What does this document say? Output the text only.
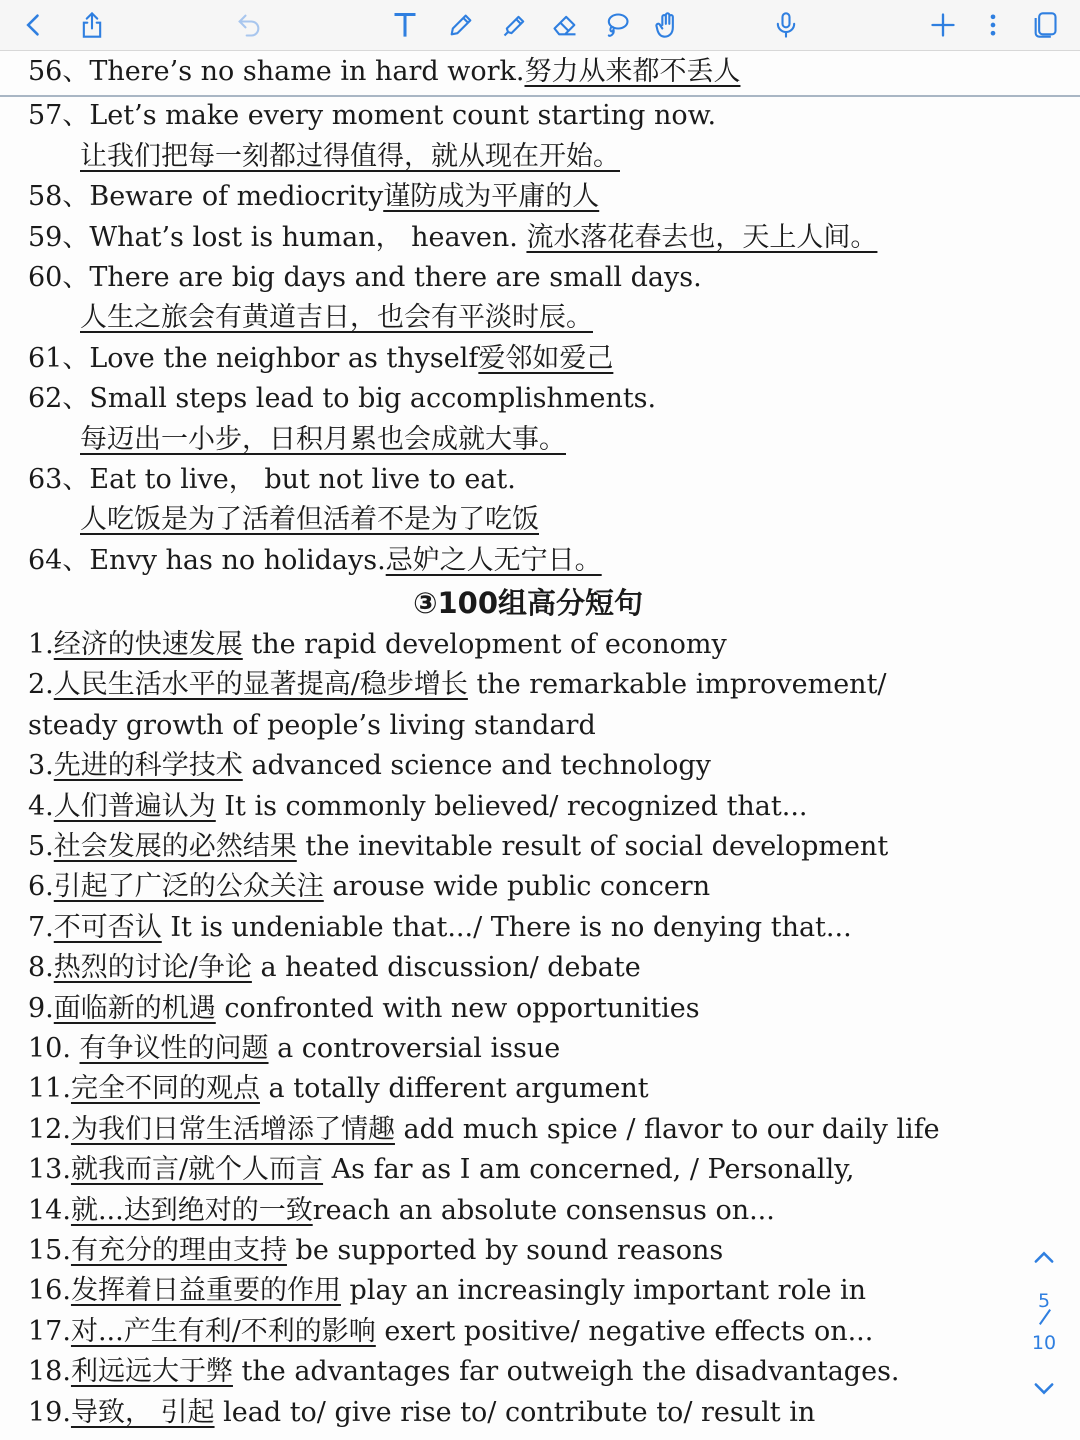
56、There’s no shame in hard work.努力从来都不丢人
57、Let’s make every moment count starting now.
让我们把每一刻都过得值得，就从现在开始。
58、Beware of mediocrity谨防成为平庸的人
59、What’s lost is human， heaven. 流水落花春去也，天上人间。
60、There are big days and there are small days.
人生之旅会有黄道吉日，也会有平淡时辰。
61、Love the neighbor as thyself爱邻如爱己
62、Small steps lead to big accomplishments.
每迈出一小步，日积月累也会成就大事。
63、Eat to live， but not live to eat.
人吃饭是为了活着但活着不是为了吃饭
64、Envy has no holidays.忌妒之人无宁日。
③100组高分短句
1.经济的快速发展 the rapid development of economy
2.人民生活水平的显著提高/稳步增长 the remarkable improvement/
steady growth of people’s living standard
3.先进的科学技术 advanced science and technology
4.人们普遍认为 It is commonly believed/ recognized that...
5.社会发展的必然结果 the inevitable result of social development
6.引起了广泛的公众关注 arouse wide public concern
7.不可否认 It is undeniable that.../ There is no denying that...
8.热烈的讨论/争论 a heated discussion/ debate
9.面临新的机遇 confronted with new opportunities
10. 有争议性的问题 a controversial issue
11.完全不同的观点 a totally different argument
12.为我们日常生活增添了情趣 add much spice / flavor to our daily life
13.就我而言/就个人而言 As far as I am concerned, / Personally,
14.就...达到绝对的一致reach an absolute consensus on...
15.有充分的理由支持 be supported by sound reasons
16.发挥着日益重要的作用 play an increasingly important role in
17.对...产生有利/不利的影响 exert positive/ negative effects on...
18.利远远大于弊 the advantages far outweigh the disadvantages.
19.导致， 引起 lead to/ give rise to/ contribute to/ result in
5
10
